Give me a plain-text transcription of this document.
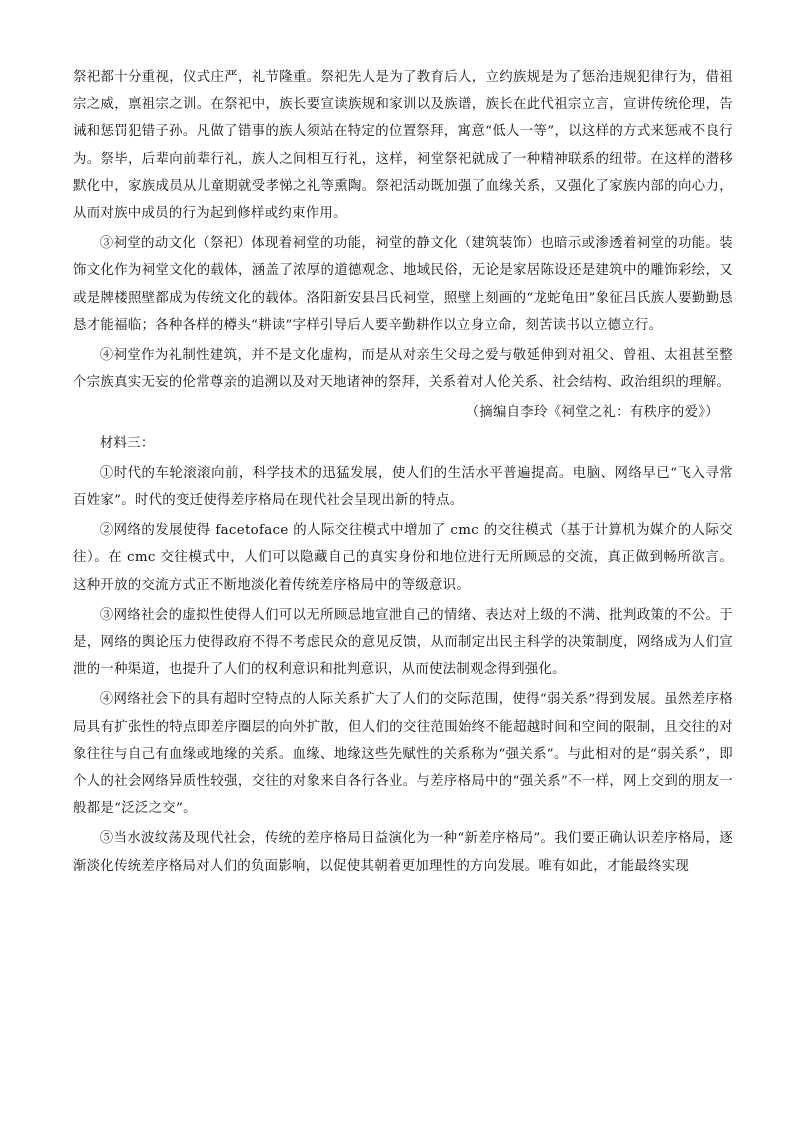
祭祀都十分重视，仪式庄严，礼节隆重。祭祀先人是为了教育后人，立约族规是为了惩治违规犯律行为，借祖宗之威，禀祖宗之训。在祭祀中，族长要宣读族规和家训以及族谱，族长在此代祖宗立言，宣讲传统伦理，告诫和惩罚犯错子孙。凡做了错事的族人须站在特定的位置祭拜，寓意“低人一等”，以这样的方式来惩戒不良行为。祭毕，后辈向前辈行礼，族人之间相互行礼，这样，祠堂祭祀就成了一种精神联系的纽带。在这样的潜移默化中，家族成员从儿童期就受孝悌之礼等熏陶。祭祀活动既加强了血缘关系，又强化了家族内部的向心力，从而对族中成员的行为起到修样或约束作用。

③祠堂的动文化（祭祀）体现着祠堂的功能，祠堂的静文化（建筑装饰）也暗示或渗透着祠堂的功能。装饰文化作为祠堂文化的载体，涵盖了浓厚的道德观念、地域民俗，无论是家居陈设还是建筑中的雕饰彩绘，又或是牌楼照壁都成为传统文化的载体。洛阳新安县吕氏祠堂，照壁上刻画的“龙蛇龟田”象征吕氏族人要勤勤恳恳才能福临；各种各样的樽头“耕读”字样引导后人要辛勤耕作以立身立命，刻苦读书以立德立行。

④祠堂作为礼制性建筑，并不是文化虚构，而是从对亲生父母之爱与敬延伸到对祖父、曾祖、太祖甚至整个宗族真实无妄的伦常尊亲的追溯以及对天地诸神的祭拜，关系着对人伦关系、社会结构、政治组织的理解。

（摘编自李玲《祠堂之礼：有秩序的爱》）

材料三：

①时代的车轮滚滚向前，科学技术的迅猛发展，使人们的生活水平普遍提高。电脑、网络早已“飞入寻常百姓家”。时代的变迁使得差序格局在现代社会呈现出新的特点。

②网络的发展使得 facetoface 的人际交往模式中增加了 cmc 的交往模式（基于计算机为媒介的人际交往）。在 cmc 交往模式中，人们可以隐藏自己的真实身份和地位进行无所顾忌的交流，真正做到畅所欲言。这种开放的交流方式正不断地淡化着传统差序格局中的等级意识。

③网络社会的虚拟性使得人们可以无所顾忌地宣泄自己的情绪、表达对上级的不满、批判政策的不公。于是，网络的舆论压力使得政府不得不考虑民众的意见反馈，从而制定出民主科学的决策制度，网络成为人们宣泄的一种渠道，也提升了人们的权利意识和批判意识，从而使法制观念得到强化。

④网络社会下的具有超时空特点的人际关系扩大了人们的交际范围，使得“弱关系”得到发展。虽然差序格局具有扩张性的特点即差序圈层的向外扩散，但人们的交往范围始终不能超越时间和空间的限制，且交往的对象往往与自己有血缘或地缘的关系。血缘、地缘这些先赋性的关系称为“强关系”。与此相对的是“弱关系”，即个人的社会网络异质性较强，交往的对象来自各行各业。与差序格局中的“强关系”不一样，网上交到的朋友一般都是“泛泛之交”。

⑤当水波纹荡及现代社会，传统的差序格局日益演化为一种“新差序格局”。我们要正确认识差序格局，逐渐淡化传统差序格局对人们的负面影响，以促使其朝着更加理性的方向发展。唯有如此，才能最终实现
